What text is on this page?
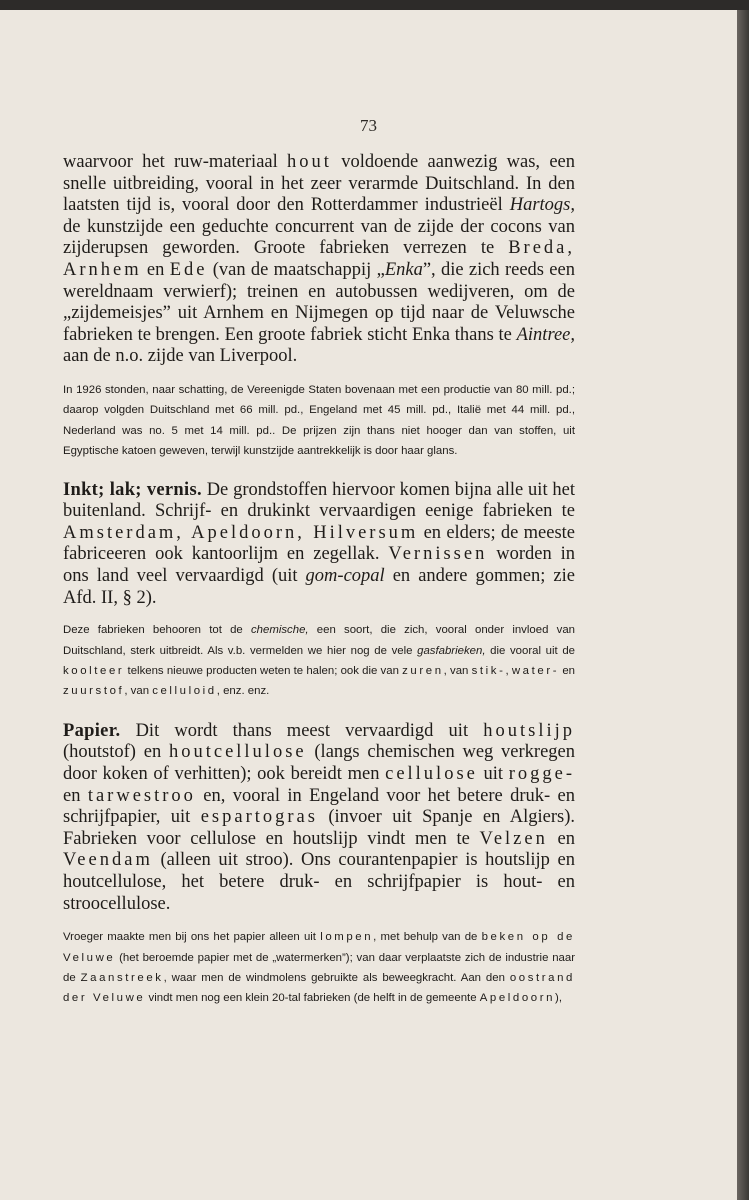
73

waarvoor het ruw-materiaal hout voldoende aanwezig was, een snelle uitbreiding, vooral in het zeer verarmde Duitschland. In den laatsten tijd is, vooral door den Rotterdammer industrieël Hartogs, de kunstzijde een geduchte concurrent van de zijde der cocons van zijderupsen geworden. Groote fabrieken verrezen te Breda, Arnhem en Ede (van de maatschappij „Enka”, die zich reeds een wereldnaam verwierf); treinen en autobussen wedijveren, om de „zijdemeisjes” uit Arnhem en Nijmegen op tijd naar de Veluwsche fabrieken te brengen. Een groote fabriek sticht Enka thans te Aintree, aan de n.o. zijde van Liverpool.

In 1926 stonden, naar schatting, de Vereenigde Staten bovenaan met een productie van 80 mill. pd.; daarop volgden Duitschland met 66 mill. pd., Engeland met 45 mill. pd., Italië met 44 mill. pd., Nederland was no. 5 met 14 mill. pd.. De prijzen zijn thans niet hooger dan van stoffen, uit Egyptische katoen geweven, terwijl kunstzijde aantrekkelijk is door haar glans.

Inkt; lak; vernis. De grondstoffen hiervoor komen bijna alle uit het buitenland. Schrijf- en drukinkt vervaardigen eenige fabrieken te Amsterdam, Apeldoorn, Hilversum en elders; de meeste fabriceeren ook kantoorlijm en zegellak. Vernissen worden in ons land veel vervaardigd (uit gom-copal en andere gommen; zie Afd. II, § 2).

Deze fabrieken behooren tot de chemische, een soort, die zich, vooral onder invloed van Duitschland, sterk uitbreidt. Als v.b. vermelden we hier nog de vele gasfabrieken, die vooral uit de koolteer telkens nieuwe producten weten te halen; ook die van zuren, van stik-, water- en zuurstof, van celluloid, enz. enz.

Papier. Dit wordt thans meest vervaardigd uit houtslijp (houtstof) en houtcellulose (langs chemischen weg verkregen door koken of verhitten); ook bereidt men cellulose uit rogge- en tarwestroo en, vooral in Engeland voor het betere druk- en schrijfpapier, uit espartogras (invoer uit Spanje en Algiers). Fabrieken voor cellulose en houtslijp vindt men te Velzen en Veendam (alleen uit stroo). Ons courantenpapier is houtslijp en houtcellulose, het betere druk- en schrijfpapier is hout- en stroocellulose.

Vroeger maakte men bij ons het papier alleen uit lompen, met behulp van de beken op de Veluwe (het beroemde papier met de „watermerken”); van daar verplaatste zich de industrie naar de Zaanstreek, waar men de windmolens gebruikte als beweegkracht. Aan den oostrand der Veluwe vindt men nog een klein 20-tal fabrieken (de helft in de gemeente Apeldoorn),
